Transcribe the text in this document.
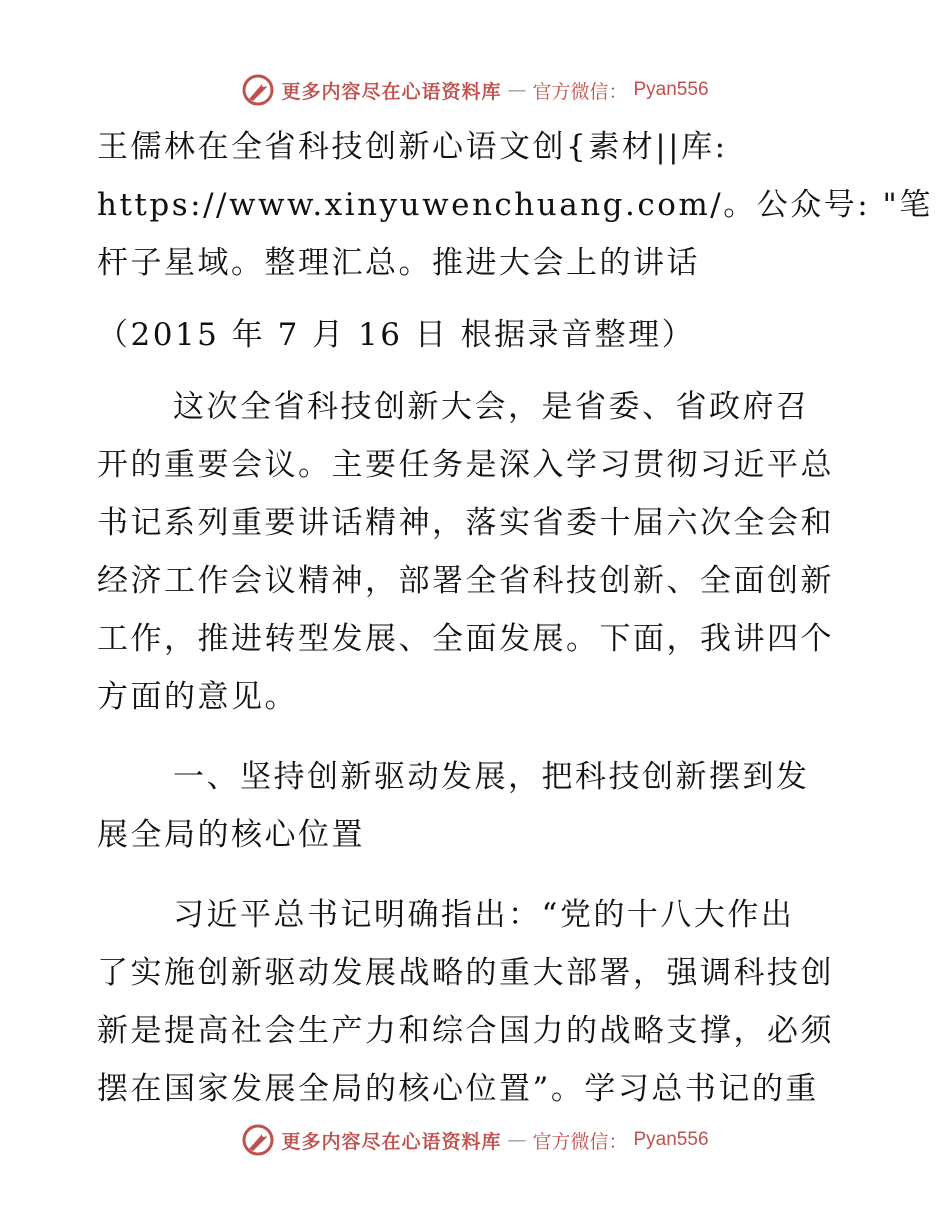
更多内容尽在心语资料库 — 官方微信： Pyan556
王儒林在全省科技创新心语文创{素材||库:
https://www.xinyuwenchuang.com/。公众号: "笔
杆子星域。整理汇总。推进大会上的讲话
（2015 年 7 月 16 日 根据录音整理）
这次全省科技创新大会，是省委、省政府召
开的重要会议。主要任务是深入学习贯彻习近平总
书记系列重要讲话精神，落实省委十届六次全会和
经济工作会议精神，部署全省科技创新、全面创新
工作，推进转型发展、全面发展。下面，我讲四个
方面的意见。
一、坚持创新驱动发展，把科技创新摆到发
展全局的核心位置
习近平总书记明确指出：“党的十八大作出
了实施创新驱动发展战略的重大部署，强调科技创
新是提高社会生产力和综合国力的战略支撑，必须
摆在国家发展全局的核心位置”。学习总书记的重
更多内容尽在心语资料库 — 官方微信： Pyan556
